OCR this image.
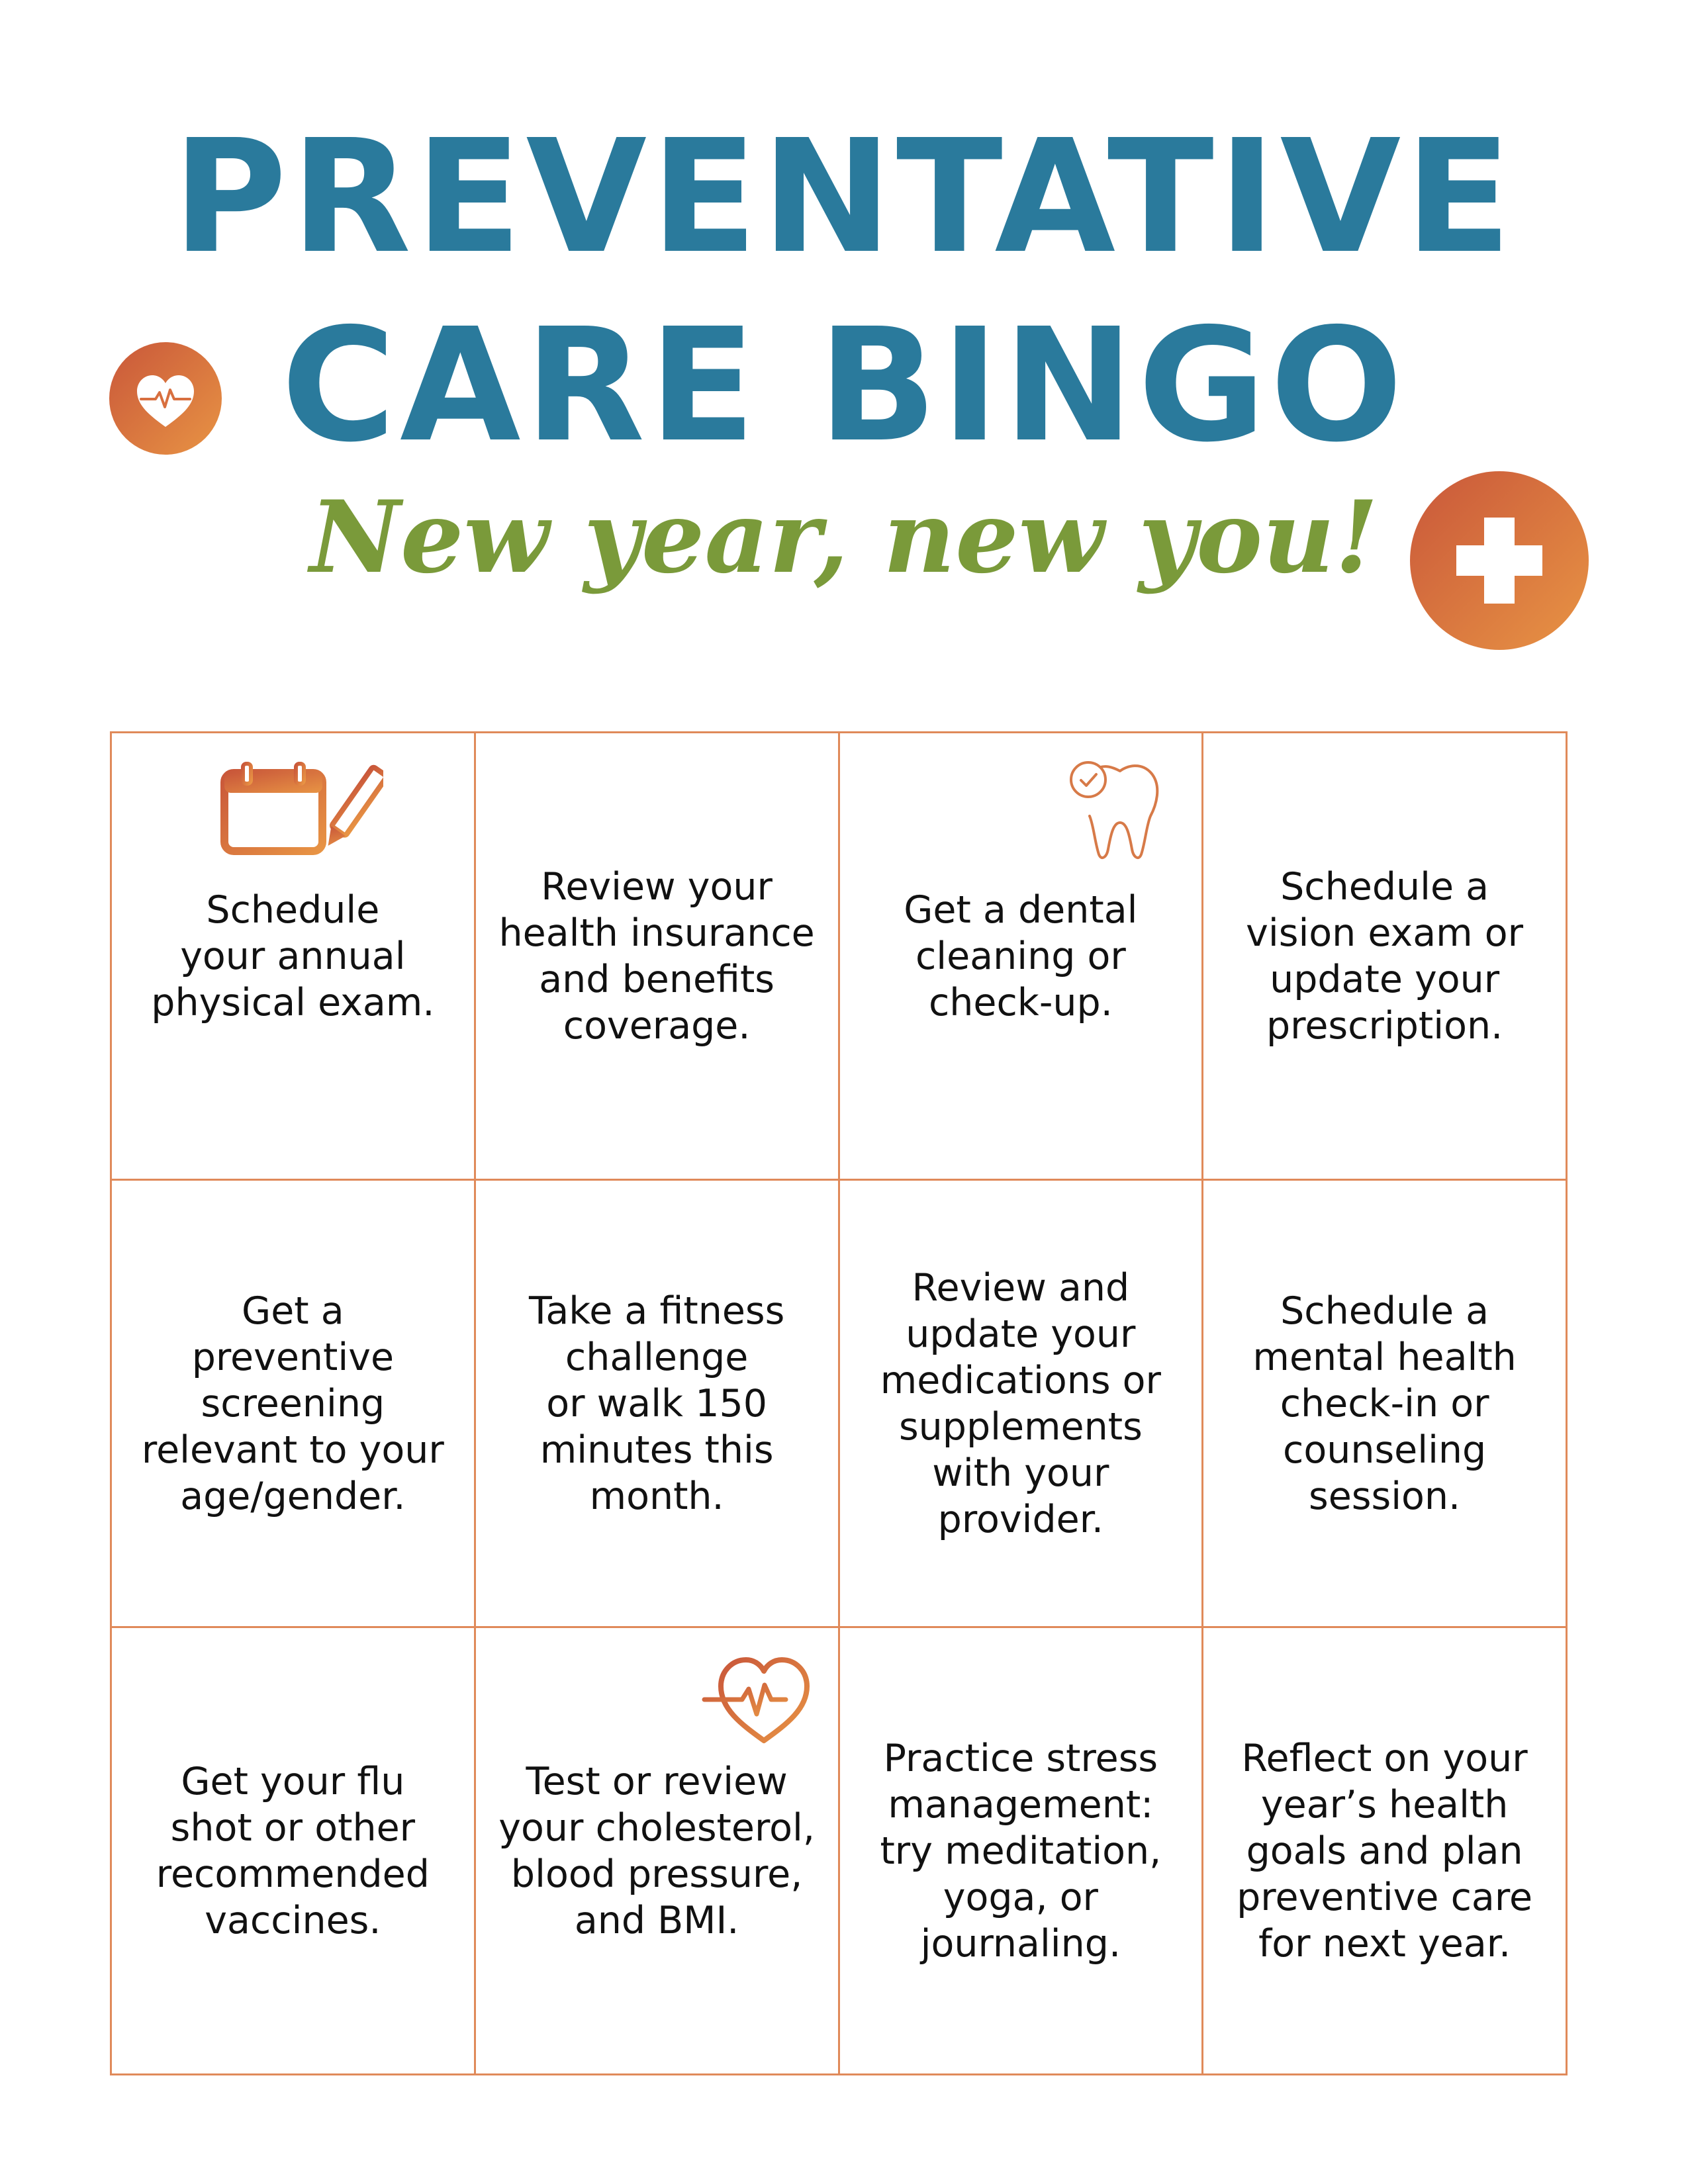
PREVENTATIVE
CARE BINGO
New year, new you!
Schedule
your annual
physical exam.
Review your
health insurance
and benefits
coverage.
Get a dental
cleaning or
check-up.
Schedule a
vision exam or
update your
prescription.
Get a
preventive
screening
relevant to your
age/gender.
Take a fitness
challenge
or walk 150
minutes this
month.
Review and
update your
medications or
supplements
with your
provider.
Schedule a
mental health
check-in or
counseling
session.
Get your flu
shot or other
recommended
vaccines.
Test or review
your cholesterol,
blood pressure,
and BMI.
Practice stress
management:
try meditation,
yoga, or
journaling.
Reflect on your
year’s health
goals and plan
preventive care
for next year.
